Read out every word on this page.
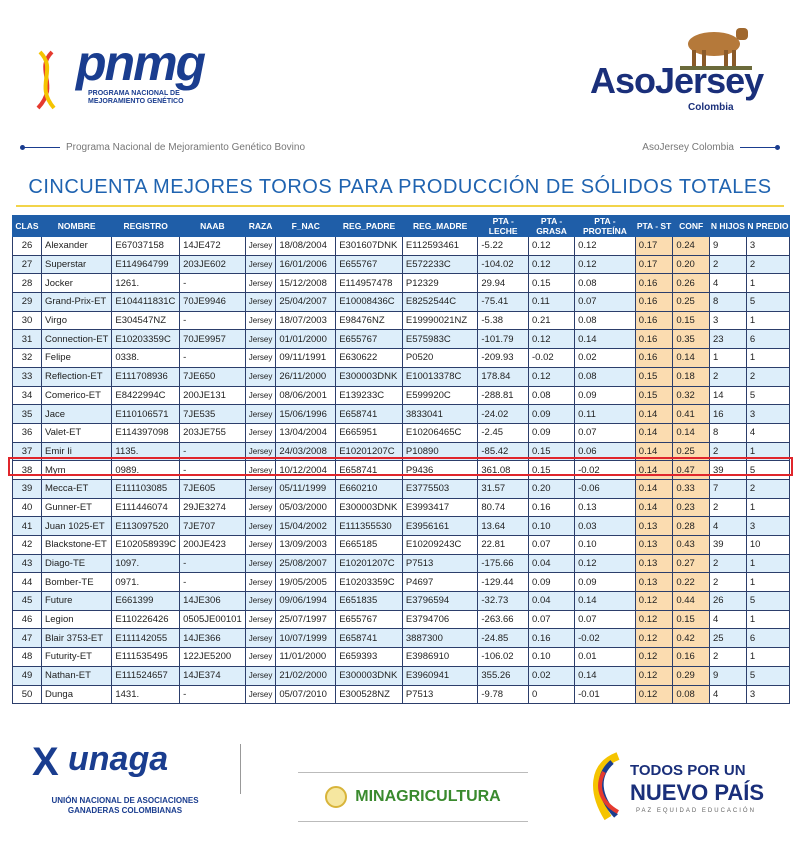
pnmg
PROGRAMA NACIONAL DE MEJORAMIENTO GENÉTICO
AsoJersey
Colombia
Programa Nacional de Mejoramiento Genético Bovino	AsoJersey Colombia
CINCUENTA MEJORES TOROS PARA PRODUCCIÓN DE SÓLIDOS TOTALES
CLAS	NOMBRE	REGISTRO	NAAB	RAZA	F_NAC	REG_PADRE	REG_MADRE	PTA - LECHE	PTA - GRASA	PTA - PROTEÍNA	PTA - ST	CONF	N HIJOS	N PREDIO
26	Alexander	E67037158	14JE472	Jersey	18/08/2004	E301607DNK	E112593461	-5.22	0.12	0.12	0.17	0.24	9	3
27	Superstar	E114964799	203JE602	Jersey	16/01/2006	E655767	E572233C	-104.02	0.12	0.12	0.17	0.20	2	2
28	Jocker	1261.	-	Jersey	15/12/2008	E114957478	P12329	29.94	0.15	0.08	0.16	0.26	4	1
29	Grand-Prix-ET	E104411831C	70JE9946	Jersey	25/04/2007	E10008436C	E8252544C	-75.41	0.11	0.07	0.16	0.25	8	5
30	Virgo	E304547NZ	-	Jersey	18/07/2003	E98476NZ	E19990021NZ	-5.38	0.21	0.08	0.16	0.15	3	1
31	Connection-ET	E10203359C	70JE9957	Jersey	01/01/2000	E655767	E575983C	-101.79	0.12	0.14	0.16	0.35	23	6
32	Felipe	0338.	-	Jersey	09/11/1991	E630622	P0520	-209.93	-0.02	0.02	0.16	0.14	1	1
33	Reflection-ET	E111708936	7JE650	Jersey	26/11/2000	E300003DNK	E10013378C	178.84	0.12	0.08	0.15	0.18	2	2
34	Comerico-ET	E8422994C	200JE131	Jersey	08/06/2001	E139233C	E599920C	-288.81	0.08	0.09	0.15	0.32	14	5
35	Jace	E110106571	7JE535	Jersey	15/06/1996	E658741	3833041	-24.02	0.09	0.11	0.14	0.41	16	3
36	Valet-ET	E114397098	203JE755	Jersey	13/04/2004	E665951	E10206465C	-2.45	0.09	0.07	0.14	0.14	8	4
37	Emir Ii	1135.	-	Jersey	24/03/2008	E10201207C	P10890	-85.42	0.15	0.06	0.14	0.25	2	1
38	Mym	0989.	-	Jersey	10/12/2004	E658741	P9436	361.08	0.15	-0.02	0.14	0.47	39	5
39	Mecca-ET	E111103085	7JE605	Jersey	05/11/1999	E660210	E3775503	31.57	0.20	-0.06	0.14	0.33	7	2
40	Gunner-ET	E111446074	29JE3274	Jersey	05/03/2000	E300003DNK	E3993417	80.74	0.16	0.13	0.14	0.23	2	1
41	Juan 1025-ET	E113097520	7JE707	Jersey	15/04/2002	E111355530	E3956161	13.64	0.10	0.03	0.13	0.28	4	3
42	Blackstone-ET	E102058939C	200JE423	Jersey	13/09/2003	E665185	E10209243C	22.81	0.07	0.10	0.13	0.43	39	10
43	Diago-TE	1097.	-	Jersey	25/08/2007	E10201207C	P7513	-175.66	0.04	0.12	0.13	0.27	2	1
44	Bomber-TE	0971.	-	Jersey	19/05/2005	E10203359C	P4697	-129.44	0.09	0.09	0.13	0.22	2	1
45	Future	E661399	14JE306	Jersey	09/06/1994	E651835	E3796594	-32.73	0.04	0.14	0.12	0.44	26	5
46	Legion	E110226426	0505JE00101	Jersey	25/07/1997	E655767	E3794706	-263.66	0.07	0.07	0.12	0.15	4	1
47	Blair 3753-ET	E111142055	14JE366	Jersey	10/07/1999	E658741	3887300	-24.85	0.16	-0.02	0.12	0.42	25	6
48	Futurity-ET	E111535495	122JE5200	Jersey	11/01/2000	E659393	E3986910	-106.02	0.10	0.01	0.12	0.16	2	1
49	Nathan-ET	E111524657	14JE374	Jersey	21/02/2000	E300003DNK	E3960941	355.26	0.02	0.14	0.12	0.29	9	5
50	Dunga	1431.	-	Jersey	05/07/2010	E300528NZ	P7513	-9.78	0	-0.01	0.12	0.08	4	3
X unaga
UNIÓN NACIONAL DE ASOCIACIONES GANADERAS COLOMBIANAS
MINAGRICULTURA
TODOS POR UN
NUEVO PAÍS
PAZ EQUIDAD EDUCACIÓN
